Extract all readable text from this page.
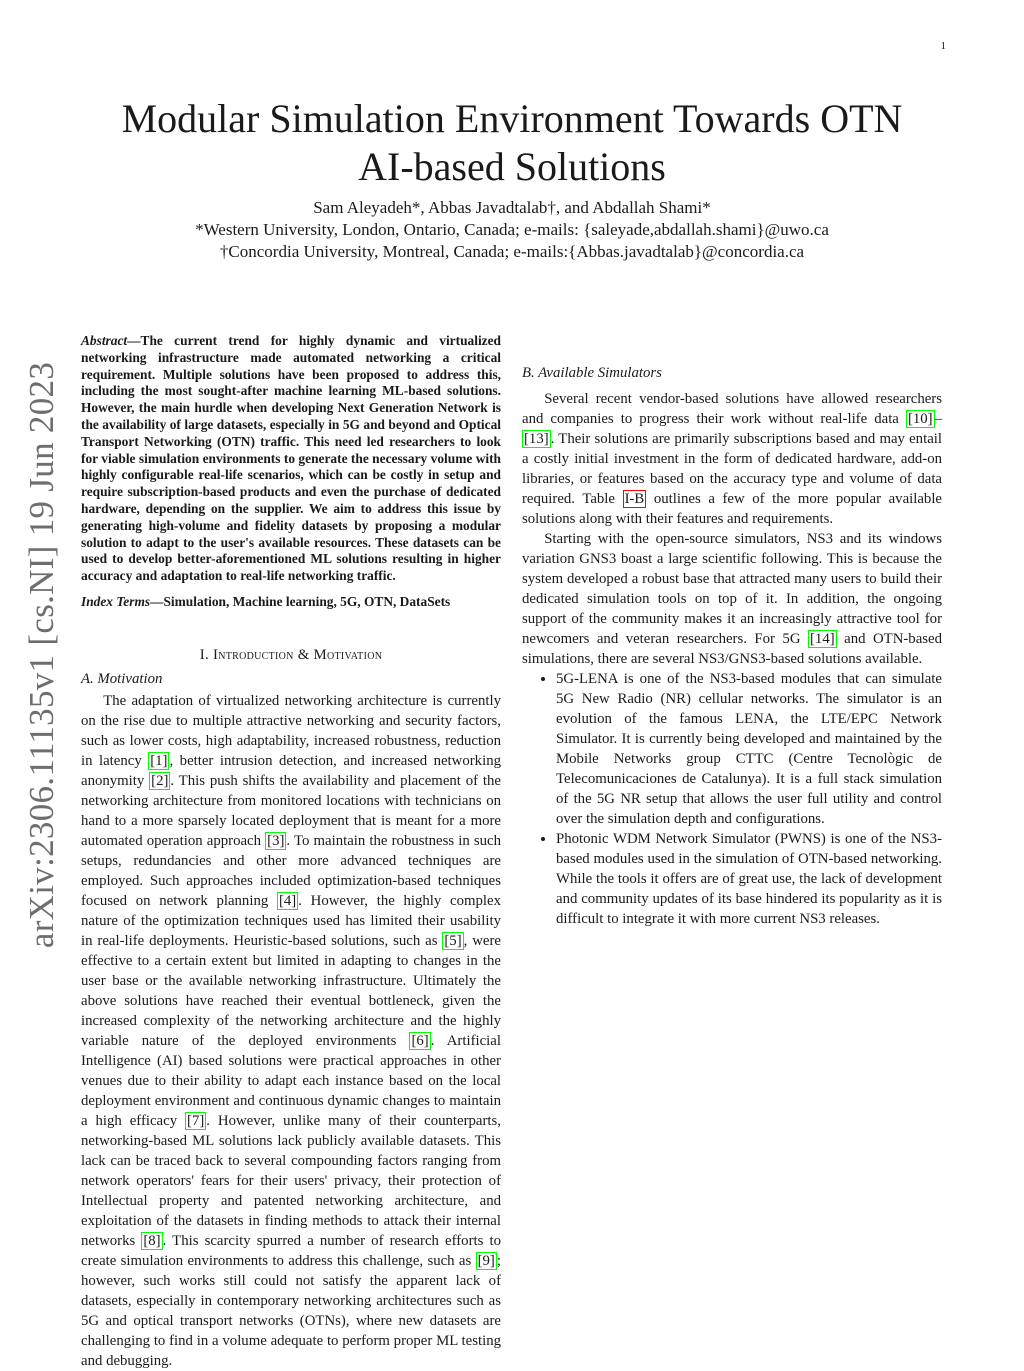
1
arXiv:2306.11135v1 [cs.NI] 19 Jun 2023
Modular Simulation Environment Towards OTN AI-based Solutions
Sam Aleyadeh*, Abbas Javadtalab†, and Abdallah Shami*
*Western University, London, Ontario, Canada; e-mails: {saleyade,abdallah.shami}@uwo.ca
†Concordia University, Montreal, Canada; e-mails:{Abbas.javadtalab}@concordia.ca

Abstract—The current trend for highly dynamic and virtualized networking infrastructure made automated networking a critical requirement. Multiple solutions have been proposed to address this, including the most sought-after machine learning ML-based solutions. However, the main hurdle when developing Next Generation Network is the availability of large datasets, especially in 5G and beyond and Optical Transport Networking (OTN) traffic. This need led researchers to look for viable simulation environments to generate the necessary volume with highly configurable real-life scenarios, which can be costly in setup and require subscription-based products and even the purchase of dedicated hardware, depending on the supplier. We aim to address this issue by generating high-volume and fidelity datasets by proposing a modular solution to adapt to the user's available resources. These datasets can be used to develop better-aforementioned ML solutions resulting in higher accuracy and adaptation to real-life networking traffic.

Index Terms—Simulation, Machine learning, 5G, OTN, DataSets

I. Introduction & Motivation
A. Motivation

The adaptation of virtualized networking architecture is currently on the rise due to multiple attractive networking and security factors, such as lower costs, high adaptability, increased robustness, reduction in latency [1] , better intrusion detection, and increased networking anonymity [2] . This push shifts the availability and placement of the networking architecture from monitored locations with technicians on hand to a more sparsely located deployment that is meant for a more automated operation approach [3] . To maintain the robustness in such setups, redundancies and other more advanced techniques are employed. Such approaches included optimization-based techniques focused on network planning [4] . However, the highly complex nature of the optimization techniques used has limited their usability in real-life deployments. Heuristic-based solutions, such as [5] , were effective to a certain extent but limited in adapting to changes in the user base or the available networking infrastructure. Ultimately the above solutions have reached their eventual bottleneck, given the increased complexity of the networking architecture and the highly variable nature of the deployed environments [6] . Artificial Intelligence (AI) based solutions were practical approaches in other venues due to their ability to adapt each instance based on the local deployment environment and continuous dynamic changes to maintain a high efficacy [7] . However, unlike many of their counterparts, networking-based ML solutions lack publicly available datasets. This lack can be traced back to several compounding factors ranging from network operators' fears for their users' privacy, their protection of Intellectual property and patented networking architecture, and exploitation of the datasets in finding methods to attack their internal networks [8] . This scarcity spurred a number of research efforts to create simulation environments to address this challenge, such as [9] ; however, such works still could not satisfy the apparent lack of datasets, especially in contemporary networking architectures such as 5G and optical transport networks (OTNs), where new datasets are challenging to find in a volume adequate to perform proper ML testing and debugging.

B. Available Simulators

Several recent vendor-based solutions have allowed researchers and companies to progress their work without real-life data [10] –[13] . Their solutions are primarily subscriptions based and may entail a costly initial investment in the form of dedicated hardware, add-on libraries, or features based on the accuracy type and volume of data required. Table I-B outlines a few of the more popular available solutions along with their features and requirements.

Starting with the open-source simulators, NS3 and its windows variation GNS3 boast a large scientific following. This is because the system developed a robust base that attracted many users to build their dedicated simulation tools on top of it. In addition, the ongoing support of the community makes it an increasingly attractive tool for newcomers and veteran researchers. For 5G [14] and OTN-based simulations, there are several NS3/GNS3-based solutions available.

• 5G-LENA is one of the NS3-based modules that can simulate 5G New Radio (NR) cellular networks. The simulator is an evolution of the famous LENA, the LTE/EPC Network Simulator. It is currently being developed and maintained by the Mobile Networks group CTTC (Centre Tecnològic de Telecomunicaciones de Catalunya). It is a full stack simulation of the 5G NR setup that allows the user full utility and control over the simulation depth and configurations.
• Photonic WDM Network Simulator (PWNS) is one of the NS3-based modules used in the simulation of OTN-based networking. While the tools it offers are of great use, the lack of development and community updates of its base hindered its popularity as it is difficult to integrate it with more current NS3 releases.
